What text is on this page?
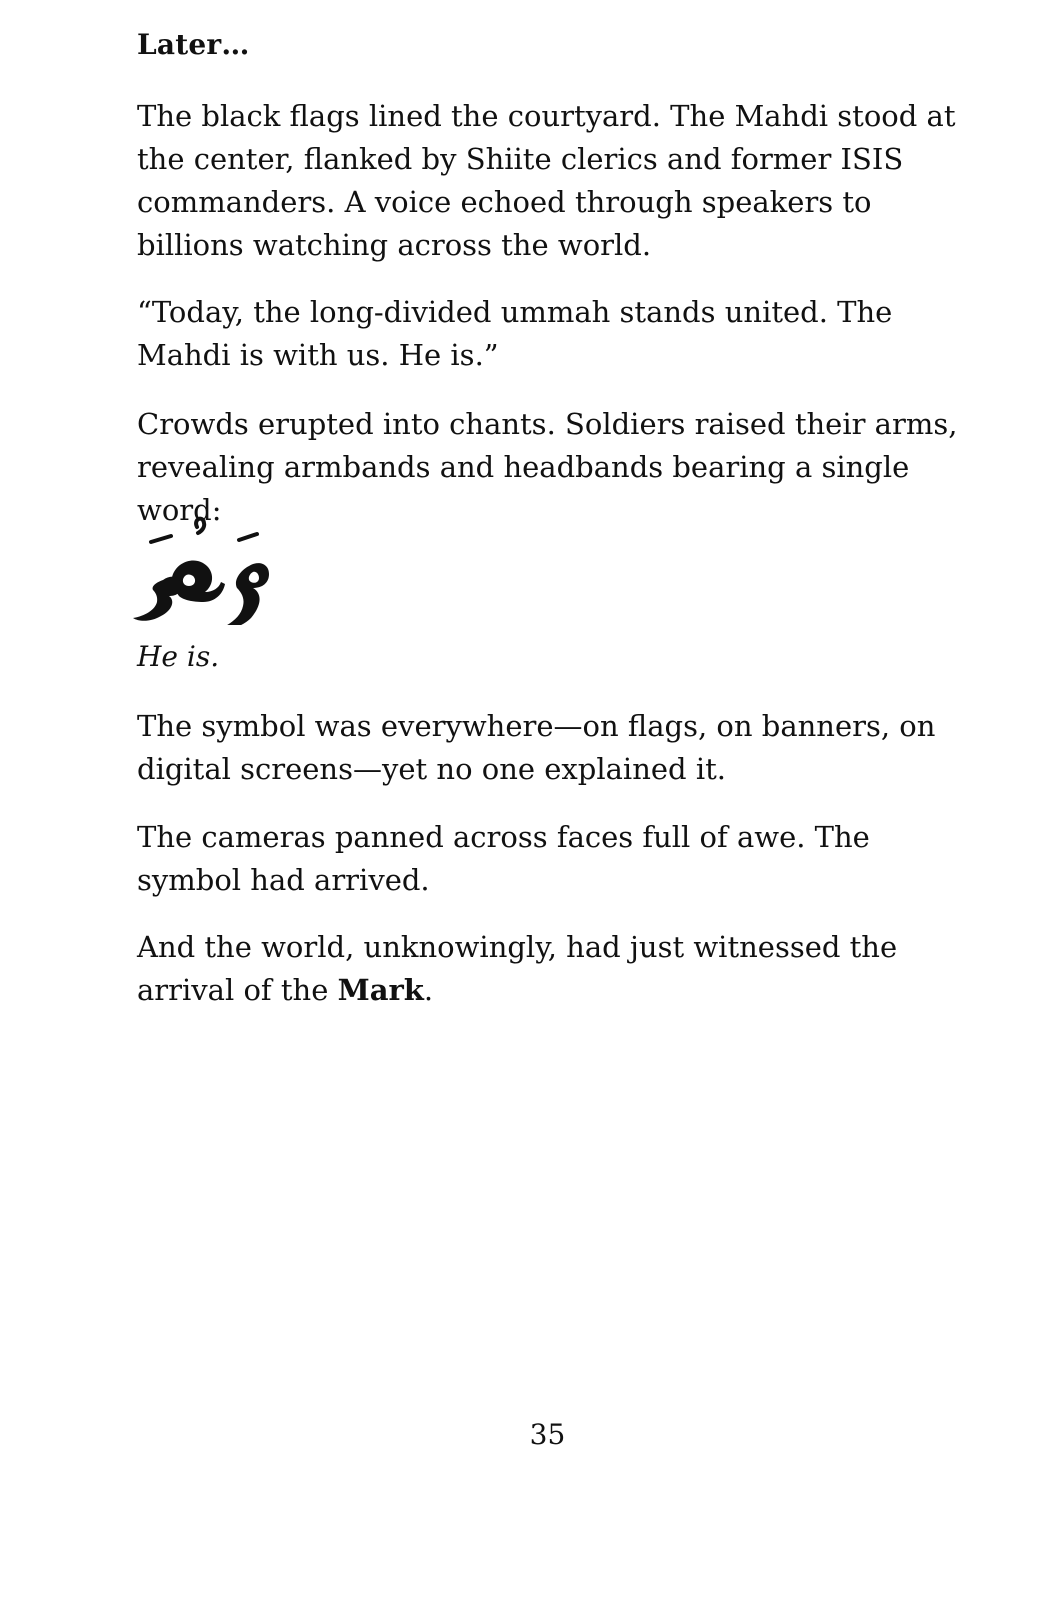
Later…
The black flags lined the courtyard. The Mahdi stood at the center, flanked by Shiite clerics and former ISIS commanders. A voice echoed through speakers to billions watching across the world.
“Today, the long-divided ummah stands united. The Mahdi is with us. He is.”
Crowds erupted into chants. Soldiers raised their arms, revealing armbands and headbands bearing a single word:
He is.
The symbol was everywhere—on flags, on banners, on digital screens—yet no one explained it.
The cameras panned across faces full of awe. The symbol had arrived.
And the world, unknowingly, had just witnessed the arrival of the Mark.
35
